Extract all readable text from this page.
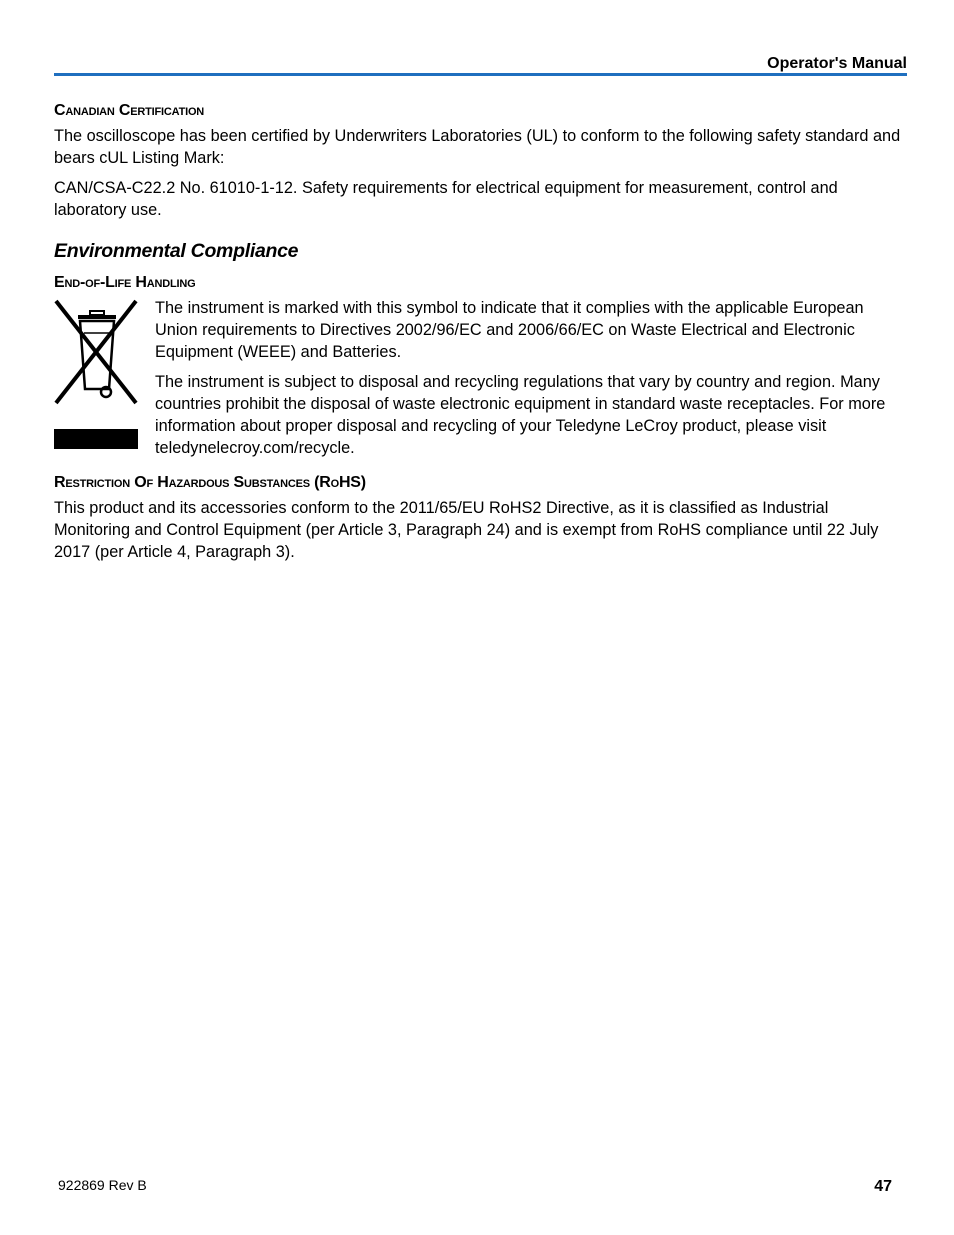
Operator's Manual
Canadian Certification
The oscilloscope has been certified by Underwriters Laboratories (UL) to conform to the following safety standard and bears cUL Listing Mark:
CAN/CSA-C22.2 No. 61010-1-12. Safety requirements for electrical equipment for measurement, control and laboratory use.
Environmental Compliance
End-of-Life Handling
The instrument is marked with this symbol to indicate that it complies with the applicable European Union requirements to Directives 2002/96/EC and 2006/66/EC on Waste Electrical and Electronic Equipment (WEEE) and Batteries.
The instrument is subject to disposal and recycling regulations that vary by country and region. Many countries prohibit the disposal of waste electronic equipment in standard waste receptacles. For more information about proper disposal and recycling of your Teledyne LeCroy product, please visit teledynelecroy.com/recycle.
Restriction Of Hazardous Substances (RoHS)
This product and its accessories conform to the 2011/65/EU RoHS2 Directive, as it is classified as Industrial Monitoring and Control Equipment (per Article 3, Paragraph 24) and is exempt from RoHS compliance until 22 July 2017 (per Article 4, Paragraph 3).
922869 Rev B	47
